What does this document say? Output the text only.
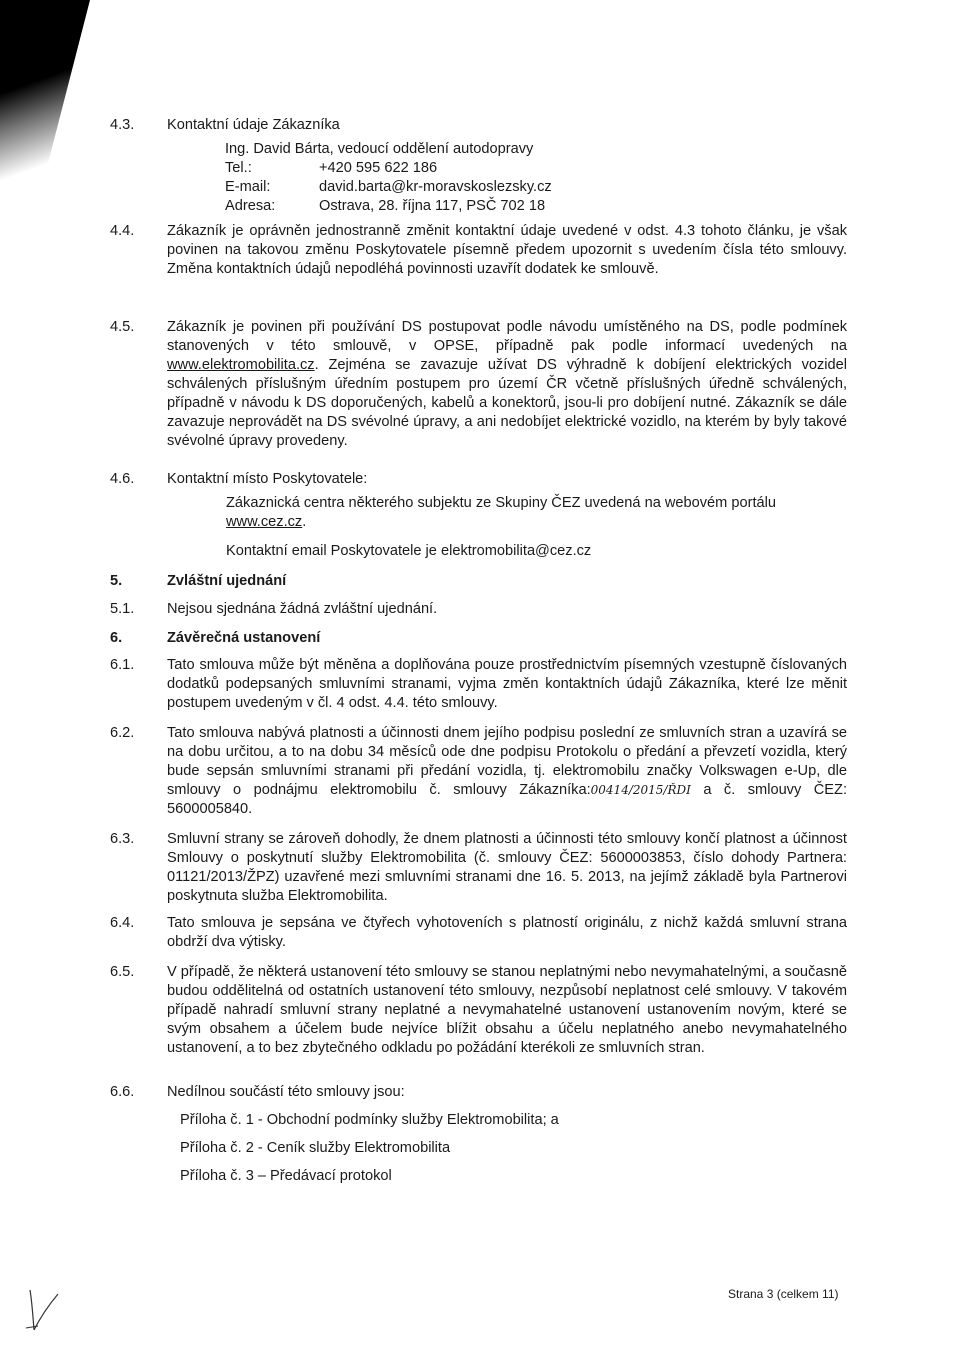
4.3. Kontaktní údaje Zákazníka

Ing. David Bárta, vedoucí oddělení autodopravy
Tel.:	+420 595 622 186
E-mail:	david.barta@kr-moravskoslezsky.cz
Adresa:	Ostrava, 28. října 117, PSČ 702 18
4.4. Zákazník je oprávněn jednostranně změnit kontaktní údaje uvedené v odst. 4.3 tohoto článku, je však povinen na takovou změnu Poskytovatele písemně předem upozornit s uvedením čísla této smlouvy. Změna kontaktních údajů nepodléhá povinnosti uzavřít dodatek ke smlouvě.

4.5. Zákazník je povinen při používání DS postupovat podle návodu umístěného na DS, podle podmínek stanovených v této smlouvě, v OPSE, případně pak podle informací uvedených na www.elektromobilita.cz. Zejména se zavazuje užívat DS výhradně k dobíjení elektrických vozidel schválených příslušným úředním postupem pro území ČR včetně příslušných úředně schválených, případně v návodu k DS doporučených, kabelů a konektorů, jsou-li pro dobíjení nutné. Zákazník se dále zavazuje neprovádět na DS svévolné úpravy, a ani nedobíjet elektrické vozidlo, na kterém by byly takové svévolné úpravy provedeny.

4.6. Kontaktní místo Poskytovatele:

Zákaznická centra některého subjektu ze Skupiny ČEZ uvedená na webovém portálu www.cez.cz.

Kontaktní email Poskytovatele je elektromobilita@cez.cz

5.	Zvláštní ujednání

5.1. Nejsou sjednána žádná zvláštní ujednání.

6.	Závěrečná ustanovení

6.1. Tato smlouva může být měněna a doplňována pouze prostřednictvím písemných vzestupně číslovaných dodatků podepsaných smluvními stranami, vyjma změn kontaktních údajů Zákazníka, které lze měnit postupem uvedeným v čl. 4 odst. 4.4. této smlouvy.

6.2. Tato smlouva nabývá platnosti a účinnosti dnem jejího podpisu poslední ze smluvních stran a uzavírá se na dobu určitou, a to na dobu 34 měsíců ode dne podpisu Protokolu o předání a převzetí vozidla, který bude sepsán smluvními stranami při předání vozidla, tj. elektromobilu značky Volkswagen e-Up, dle smlouvy o podnájmu elektromobilu č. smlouvy Zákazníka:00414/2015/ŘDI a č. smlouvy ČEZ: 5600005840.

6.3. Smluvní strany se zároveň dohodly, že dnem platnosti a účinnosti této smlouvy končí platnost a účinnost Smlouvy o poskytnutí služby Elektromobilita (č. smlouvy ČEZ: 5600003853, číslo dohody Partnera: 01121/2013/ŽPZ) uzavřené mezi smluvními stranami dne 16. 5. 2013, na jejímž základě byla Partnerovi poskytnuta služba Elektromobilita.

6.4. Tato smlouva je sepsána ve čtyřech vyhotoveních s platností originálu, z nichž každá smluvní strana obdrží dva výtisky.

6.5. V případě, že některá ustanovení této smlouvy se stanou neplatnými nebo nevymahatelnými, a současně budou oddělitelná od ostatních ustanovení této smlouvy, nezpůsobí neplatnost celé smlouvy. V takovém případě nahradí smluvní strany neplatné a nevymahatelné ustanovení ustanovením novým, které se svým obsahem a účelem bude nejvíce blížit obsahu a účelu neplatného anebo nevymahatelného ustanovení, a to bez zbytečného odkladu po požádání kterékoli ze smluvních stran.

6.6. Nedílnou součástí této smlouvy jsou:

Příloha č. 1 - Obchodní podmínky služby Elektromobilita; a
Příloha č. 2 - Ceník služby Elektromobilita
Příloha č. 3 – Předávací protokol
Strana 3 (celkem 11)
